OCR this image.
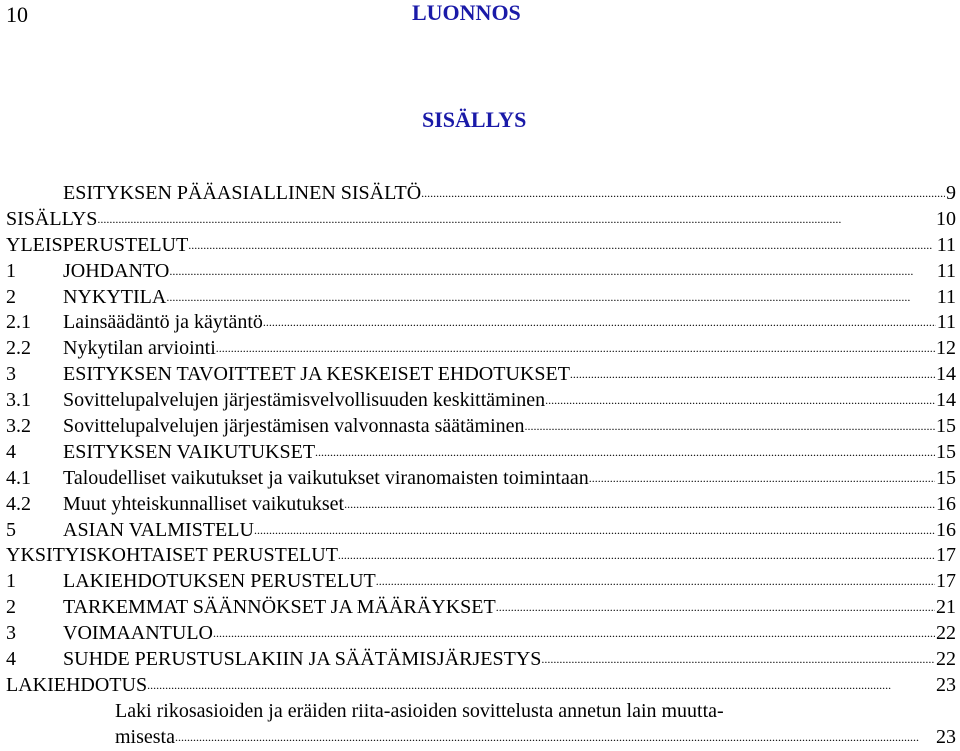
10	LUONNOS
SISÄLLYS
ESITYKSEN PÄÄASIALLINEN SISÄLTÖ .....	9
SISÄLLYS .....	10
YLEISPERUSTELUT .....	11
1	JOHDANTO .....	11
2	NYKYTILA .....	11
2.1	Lainsäädäntö ja käytäntö .....	11
2.2	Nykytilan arviointi .....	12
3	ESITYKSEN TAVOITTEET JA KESKEISET EHDOTUKSET .....	14
3.1	Sovittelupalvelujen järjestämisvelvollisuuden keskittäminen .....	14
3.2	Sovittelupalvelujen järjestämisen valvonnasta säätäminen .....	15
4	ESITYKSEN VAIKUTUKSET .....	15
4.1	Taloudelliset vaikutukset ja vaikutukset viranomaisten toimintaan .....	15
4.2	Muut yhteiskunnalliset vaikutukset .....	16
5	ASIAN VALMISTELU .....	16
YKSITYISKOHTAISET PERUSTELUT .....	17
1	LAKIEHDOTUKSEN PERUSTELUT .....	17
2	TARKEMMAT SÄÄNNÖKSET JA MÄÄRÄYKSET .....	21
3	VOIMAANTULO .....	22
4	SUHDE PERUSTUSLAKIIN JA SÄÄTÄMISJÄRJESTYS .....	22
LAKIEHDOTUS .....	23
Laki rikosasioiden ja eräiden riita-asioiden sovittelusta annetun lain muutta-
misesta .....	23
